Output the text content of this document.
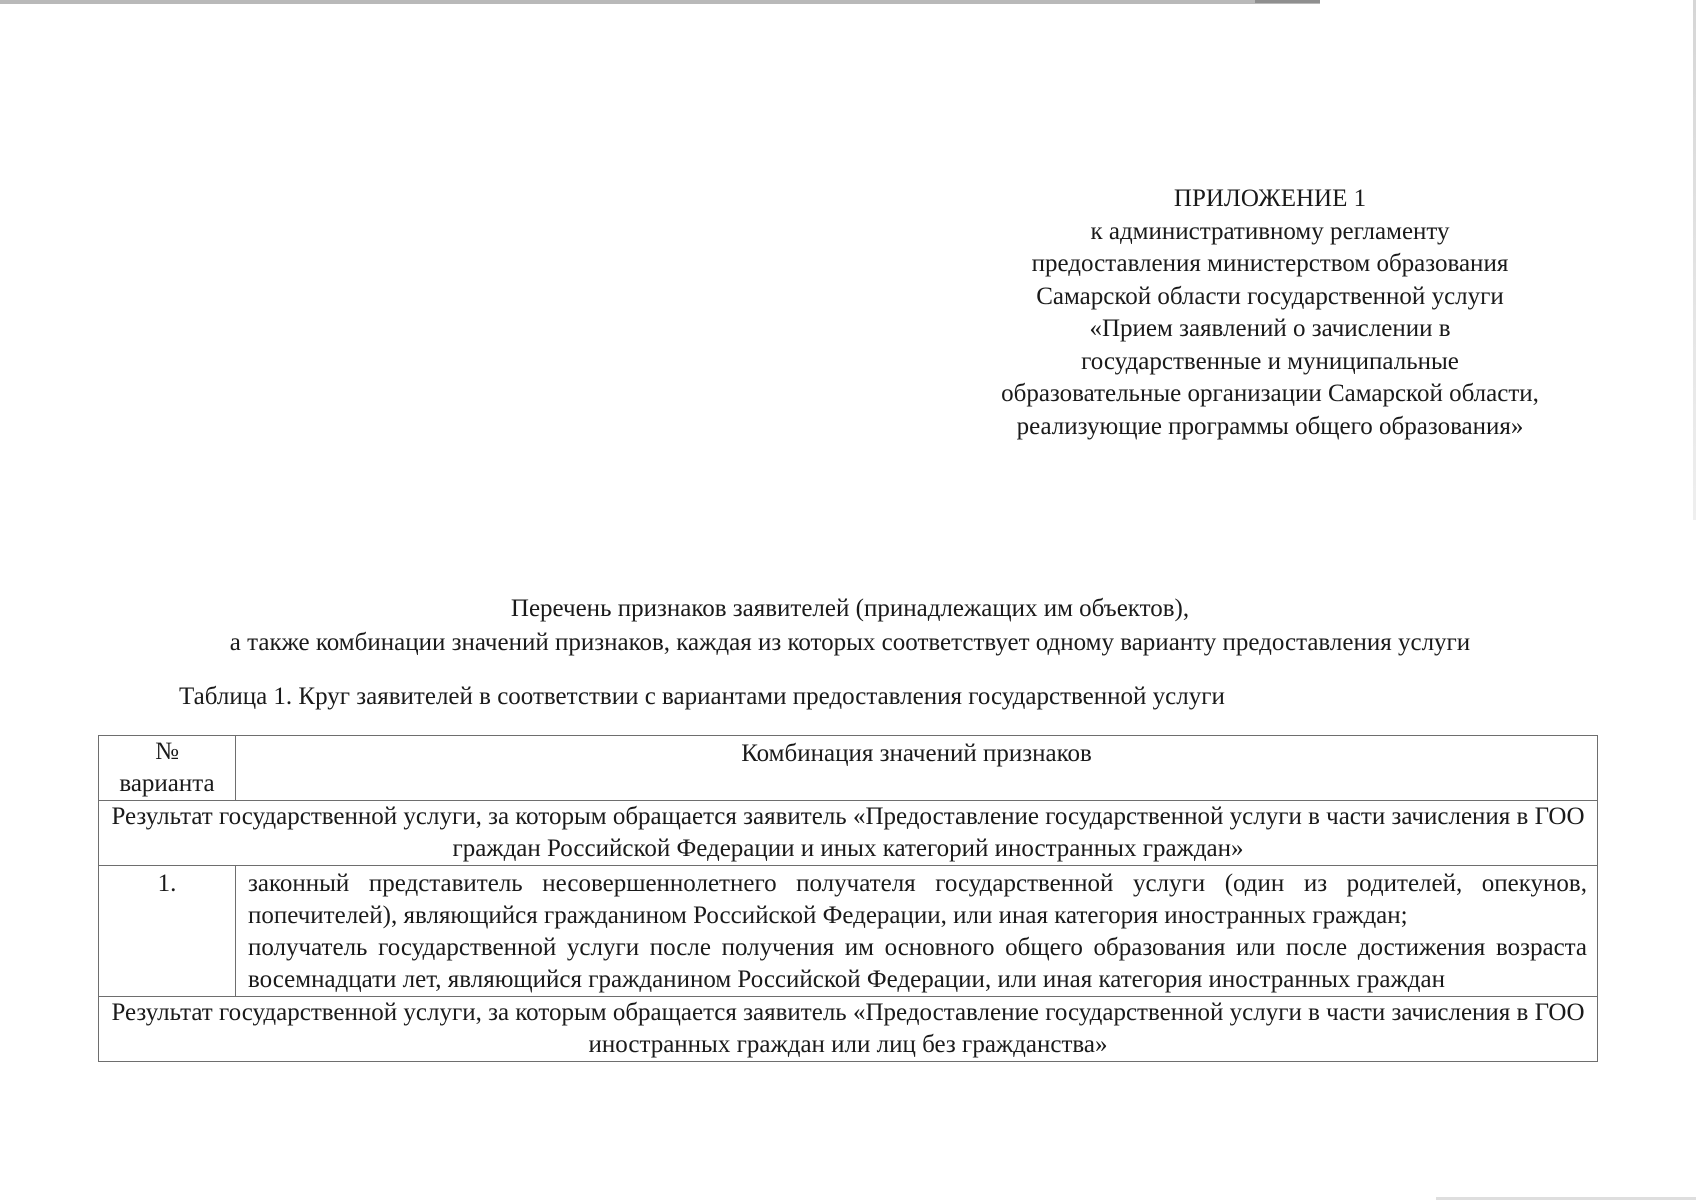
ПРИЛОЖЕНИЕ 1
к административному регламенту
предоставления министерством образования
Самарской области государственной услуги
«Прием заявлений о зачислении в
государственные и муниципальные
образовательные организации Самарской области,
реализующие программы общего образования»
Перечень признаков заявителей (принадлежащих им объектов),
а также комбинации значений признаков, каждая из которых соответствует одному варианту предоставления услуги
Таблица 1. Круг заявителей в соответствии с вариантами предоставления государственной услуги
№
варианта	Комбинация значений признаков
Результат государственной услуги, за которым обращается заявитель «Предоставление государственной услуги в части зачисления в ГОО граждан Российской Федерации и иных категорий иностранных граждан»	
1.	законный представитель несовершеннолетнего получателя государственной услуги (один из родителей, опекунов, попечителей), являющийся гражданином Российской Федерации, или иная категория иностранных граждан;

получатель государственной услуги после получения им основного общего образования или после достижения возраста восемнадцати лет, являющийся гражданином Российской Федерации, или иная категория иностранных граждан

Результат государственной услуги, за которым обращается заявитель «Предоставление государственной услуги в части зачисления в ГОО иностранных граждан или лиц без гражданства»	
